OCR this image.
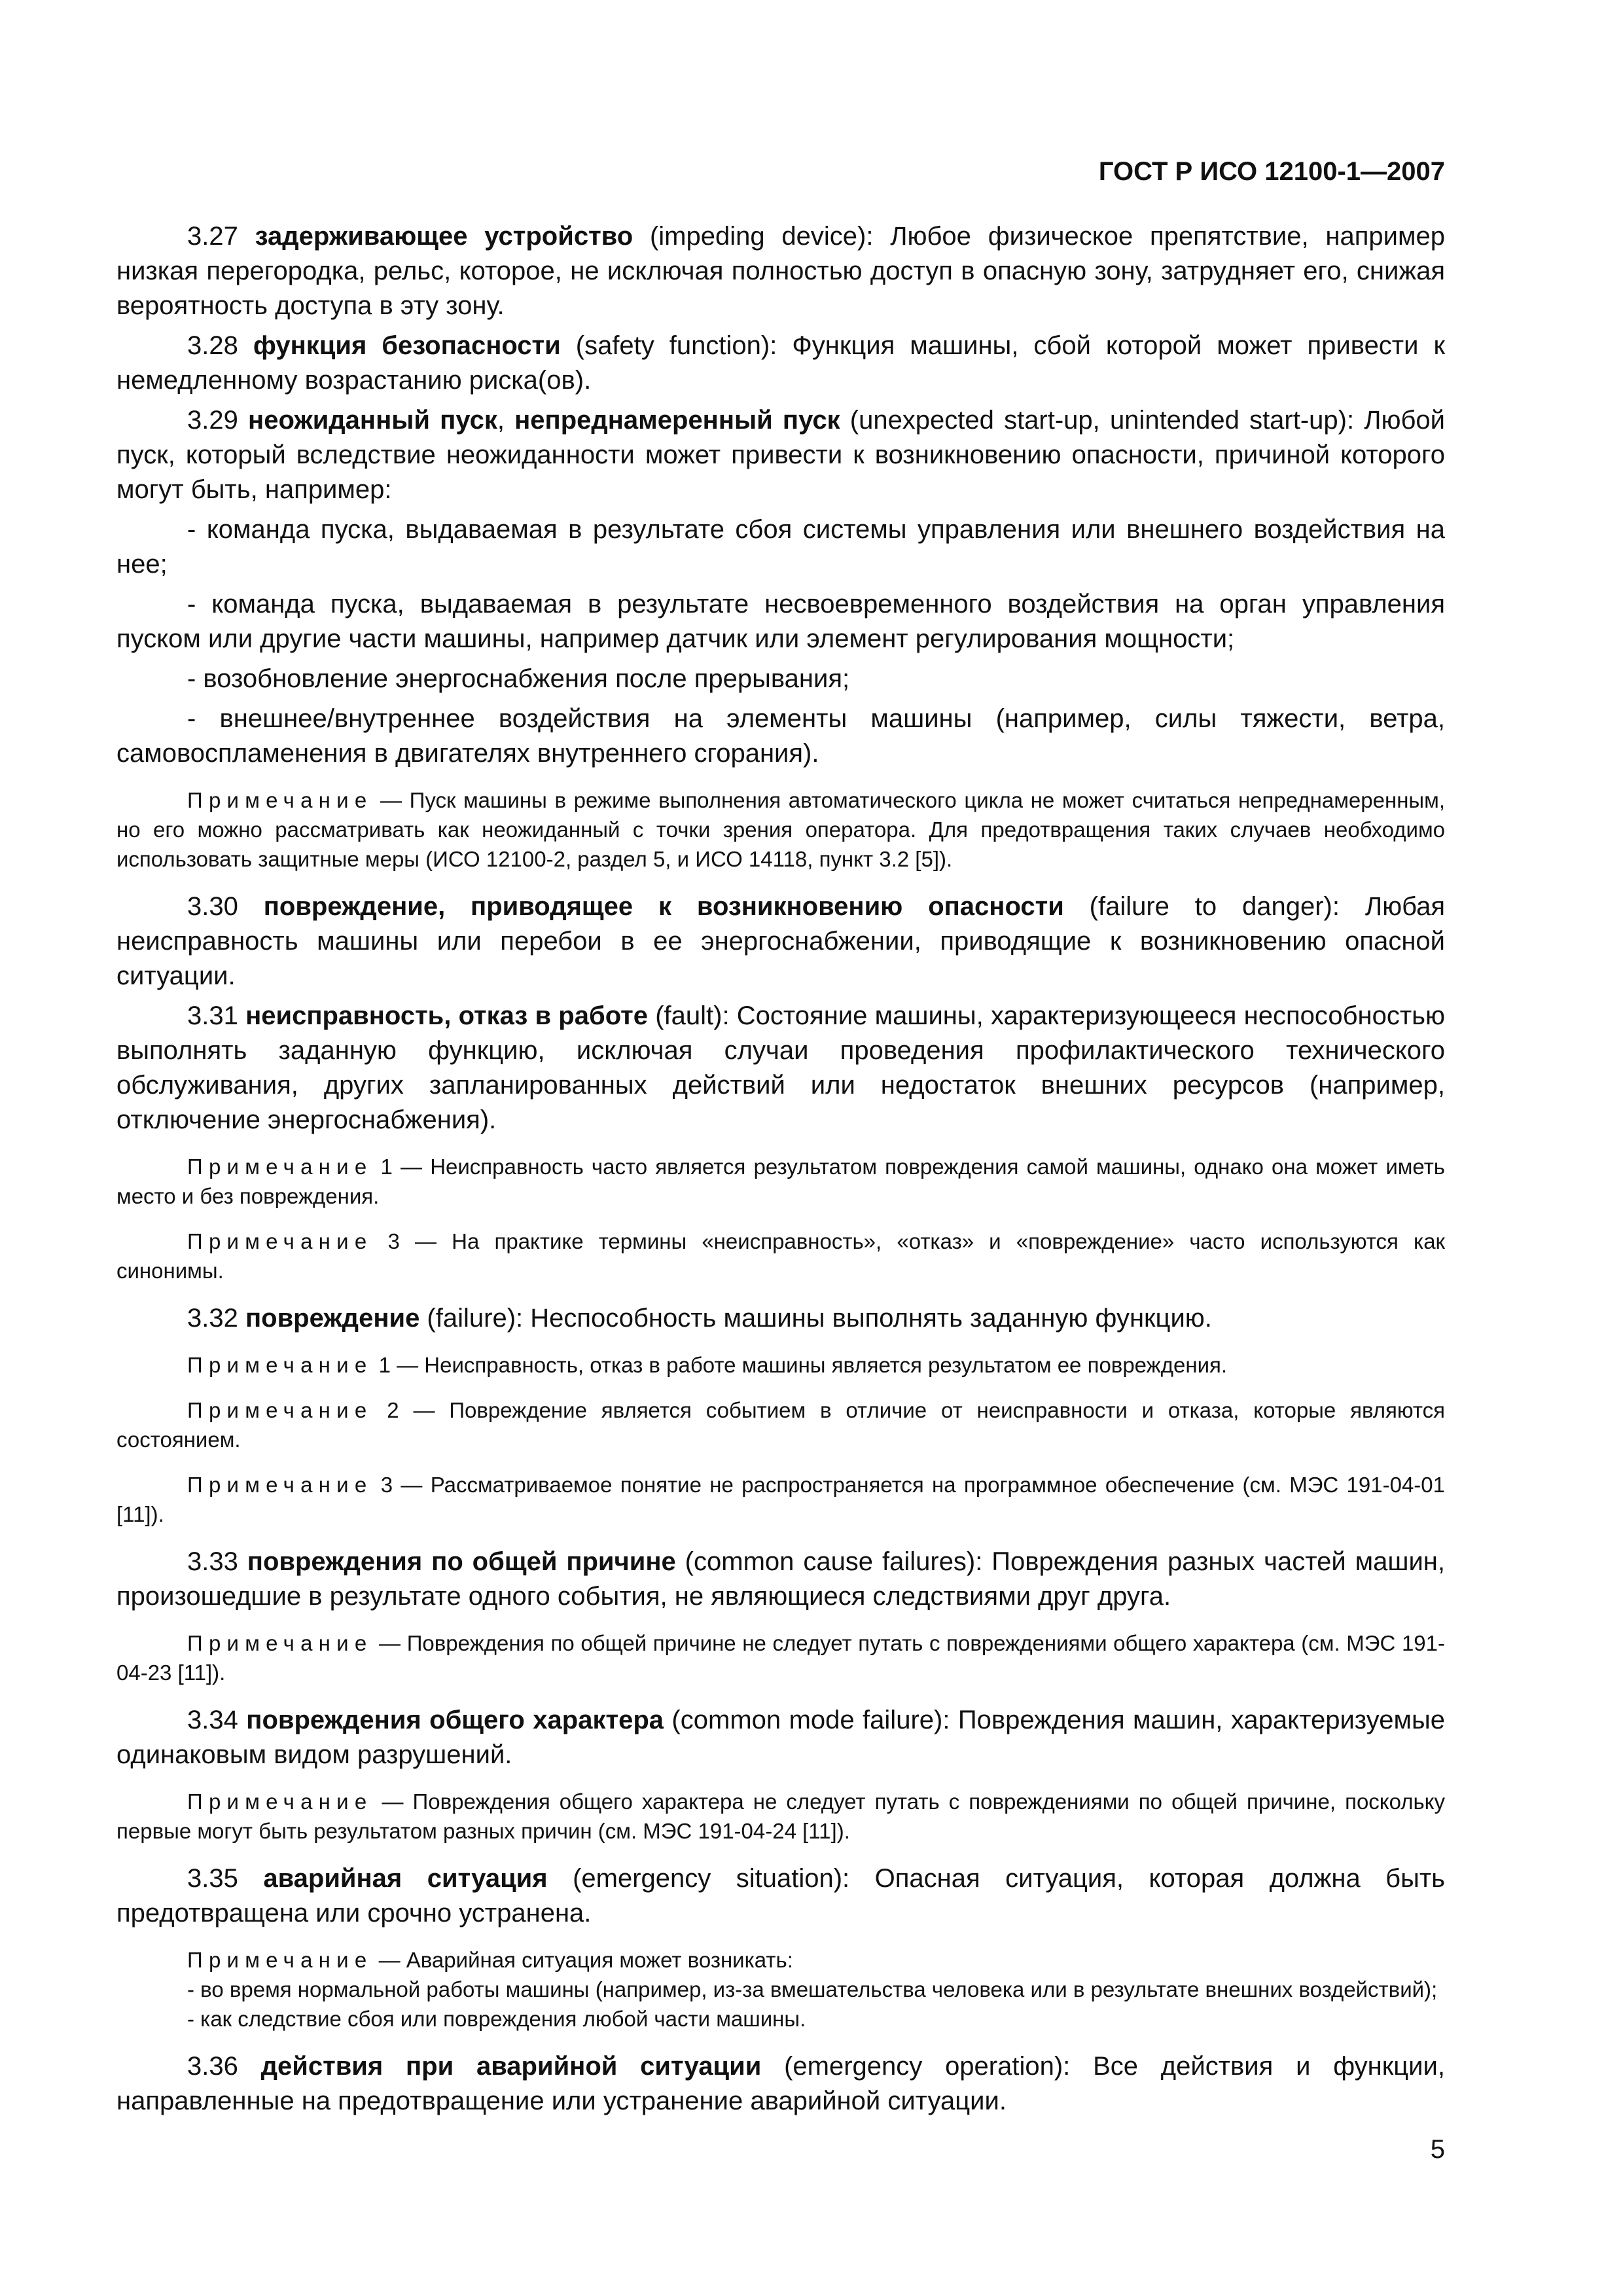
ГОСТ Р ИСО 12100-1—2007

3.27 задерживающее устройство (impeding device): Любое физическое препятствие, например низкая перегородка, рельс, которое, не исключая полностью доступ в опасную зону, затрудняет его, снижая вероятность доступа в эту зону.

3.28 функция безопасности (safety function): Функция машины, сбой которой может привести к немедленному возрастанию риска(ов).

3.29 неожиданный пуск, непреднамеренный пуск (unexpected start-up, unintended start-up): Любой пуск, который вследствие неожиданности может привести к возникновению опасности, причиной которого могут быть, например:

- команда пуска, выдаваемая в результате сбоя системы управления или внешнего воздействия на нее;

- команда пуска, выдаваемая в результате несвоевременного воздействия на орган управления пуском или другие части машины, например датчик или элемент регулирования мощности;

- возобновление энергоснабжения после прерывания;

- внешнее/внутреннее воздействия на элементы машины (например, силы тяжести, ветра, самовоспламенения в двигателях внутреннего сгорания).

Примечание — Пуск машины в режиме выполнения автоматического цикла не может считаться непреднамеренным, но его можно рассматривать как неожиданный с точки зрения оператора. Для предотвращения таких случаев необходимо использовать защитные меры (ИСО 12100-2, раздел 5, и ИСО 14118, пункт 3.2 [5]).

3.30 повреждение, приводящее к возникновению опасности (failure to danger): Любая неисправность машины или перебои в ее энергоснабжении, приводящие к возникновению опасной ситуации.

3.31 неисправность, отказ в работе (fault): Состояние машины, характеризующееся неспособностью выполнять заданную функцию, исключая случаи проведения профилактического технического обслуживания, других запланированных действий или недостаток внешних ресурсов (например, отключение энергоснабжения).

Примечание 1 — Неисправность часто является результатом повреждения самой машины, однако она может иметь место и без повреждения.

Примечание 3 — На практике термины «неисправность», «отказ» и «повреждение» часто используются как синонимы.

3.32 повреждение (failure): Неспособность машины выполнять заданную функцию.

Примечание 1 — Неисправность, отказ в работе машины является результатом ее повреждения.

Примечание 2 — Повреждение является событием в отличие от неисправности и отказа, которые являются состоянием.

Примечание 3 — Рассматриваемое понятие не распространяется на программное обеспечение (см. МЭС 191-04-01 [11]).

3.33 повреждения по общей причине (common cause failures): Повреждения разных частей машин, произошедшие в результате одного события, не являющиеся следствиями друг друга.

Примечание — Повреждения по общей причине не следует путать с повреждениями общего характера (см. МЭС 191-04-23 [11]).

3.34 повреждения общего характера (common mode failure): Повреждения машин, характеризуемые одинаковым видом разрушений.

Примечание — Повреждения общего характера не следует путать с повреждениями по общей причине, поскольку первые могут быть результатом разных причин (см. МЭС 191-04-24 [11]).

3.35 аварийная ситуация (emergency situation): Опасная ситуация, которая должна быть предотвращена или срочно устранена.

Примечание — Аварийная ситуация может возникать:

- во время нормальной работы машины (например, из-за вмешательства человека или в результате внешних воздействий);

- как следствие сбоя или повреждения любой части машины.

3.36 действия при аварийной ситуации (emergency operation): Все действия и функции, направленные на предотвращение или устранение аварийной ситуации.

5
